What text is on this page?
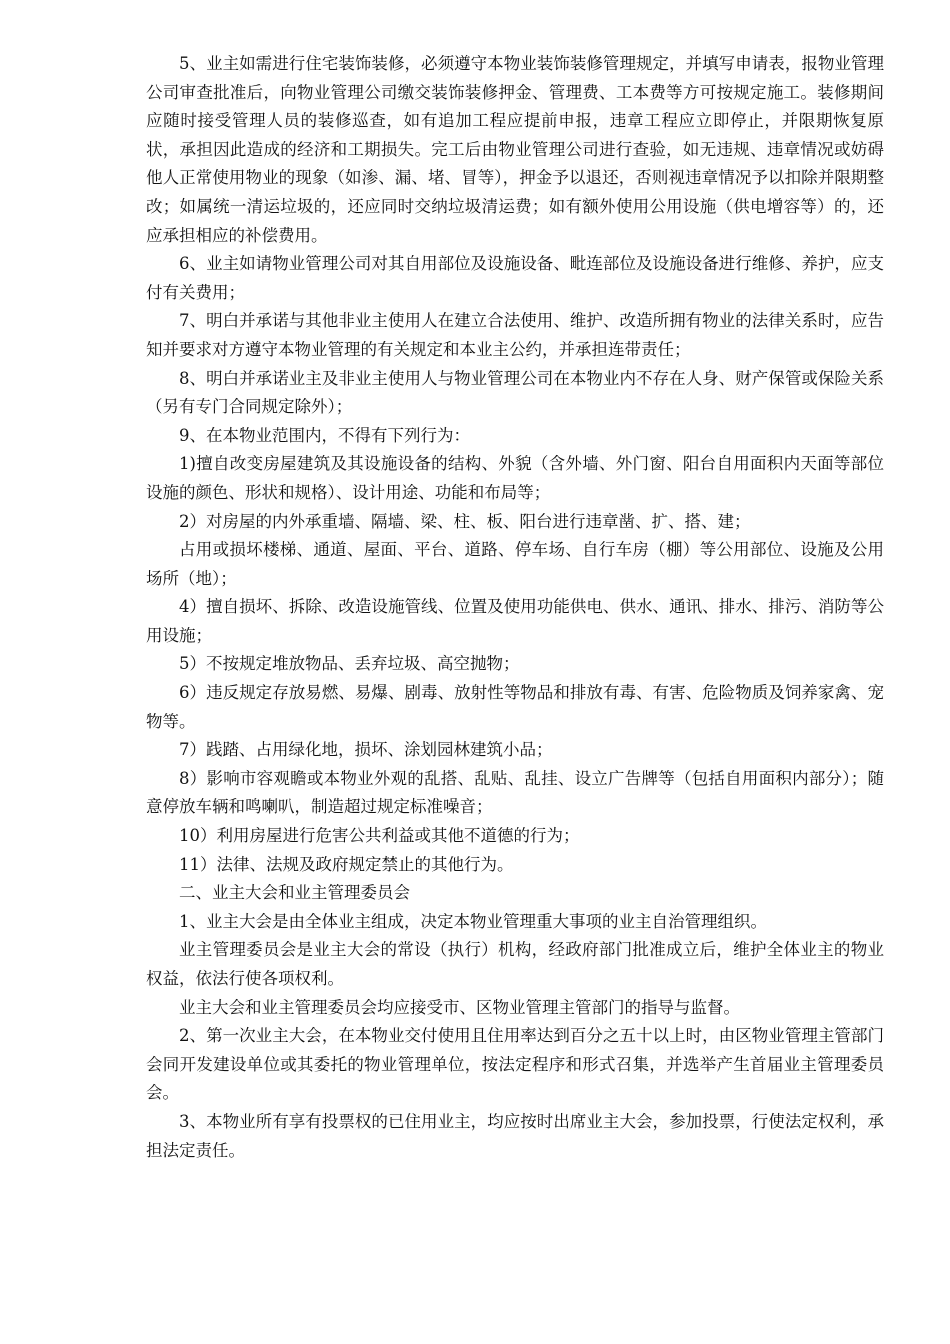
5、业主如需进行住宅装饰装修，必须遵守本物业装饰装修管理规定，并填写申请表，报物业管理公司审查批准后，向物业管理公司缴交装饰装修押金、管理费、工本费等方可按规定施工。装修期间应随时接受管理人员的装修巡查，如有追加工程应提前申报，违章工程应立即停止，并限期恢复原状，承担因此造成的经济和工期损失。完工后由物业管理公司进行查验，如无违规、违章情况或妨碍他人正常使用物业的现象（如渗、漏、堵、冒等），押金予以退还，否则视违章情况予以扣除并限期整改；如属统一清运垃圾的，还应同时交纳垃圾清运费；如有额外使用公用设施（供电增容等）的，还应承担相应的补偿费用。

6、业主如请物业管理公司对其自用部位及设施设备、毗连部位及设施设备进行维修、养护，应支付有关费用；

7、明白并承诺与其他非业主使用人在建立合法使用、维护、改造所拥有物业的法律关系时，应告知并要求对方遵守本物业管理的有关规定和本业主公约，并承担连带责任；

8、明白并承诺业主及非业主使用人与物业管理公司在本物业内不存在人身、财产保管或保险关系（另有专门合同规定除外）；

9、在本物业范围内，不得有下列行为：

1)擅自改变房屋建筑及其设施设备的结构、外貌（含外墙、外门窗、阳台自用面积内天面等部位设施的颜色、形状和规格）、设计用途、功能和布局等；

2）对房屋的内外承重墙、隔墙、梁、柱、板、阳台进行违章凿、扩、搭、建；

占用或损坏楼梯、通道、屋面、平台、道路、停车场、自行车房（棚）等公用部位、设施及公用场所（地）；

4）擅自损坏、拆除、改造设施管线、位置及使用功能供电、供水、通讯、排水、排污、消防等公用设施；

5）不按规定堆放物品、丢弃垃圾、高空抛物；

6）违反规定存放易燃、易爆、剧毒、放射性等物品和排放有毒、有害、危险物质及饲养家禽、宠物等。

7）践踏、占用绿化地，损坏、涂划园林建筑小品；

8）影响市容观瞻或本物业外观的乱搭、乱贴、乱挂、设立广告牌等（包括自用面积内部分）；随意停放车辆和鸣喇叭，制造超过规定标准噪音；

10）利用房屋进行危害公共利益或其他不道德的行为；

11）法律、法规及政府规定禁止的其他行为。

二、业主大会和业主管理委员会

1、业主大会是由全体业主组成，决定本物业管理重大事项的业主自治管理组织。

业主管理委员会是业主大会的常设（执行）机构，经政府部门批准成立后，维护全体业主的物业权益，依法行使各项权利。

业主大会和业主管理委员会均应接受市、区物业管理主管部门的指导与监督。

2、第一次业主大会，在本物业交付使用且住用率达到百分之五十以上时，由区物业管理主管部门会同开发建设单位或其委托的物业管理单位，按法定程序和形式召集，并选举产生首届业主管理委员会。

3、本物业所有享有投票权的已住用业主，均应按时出席业主大会，参加投票，行使法定权利，承担法定责任。
